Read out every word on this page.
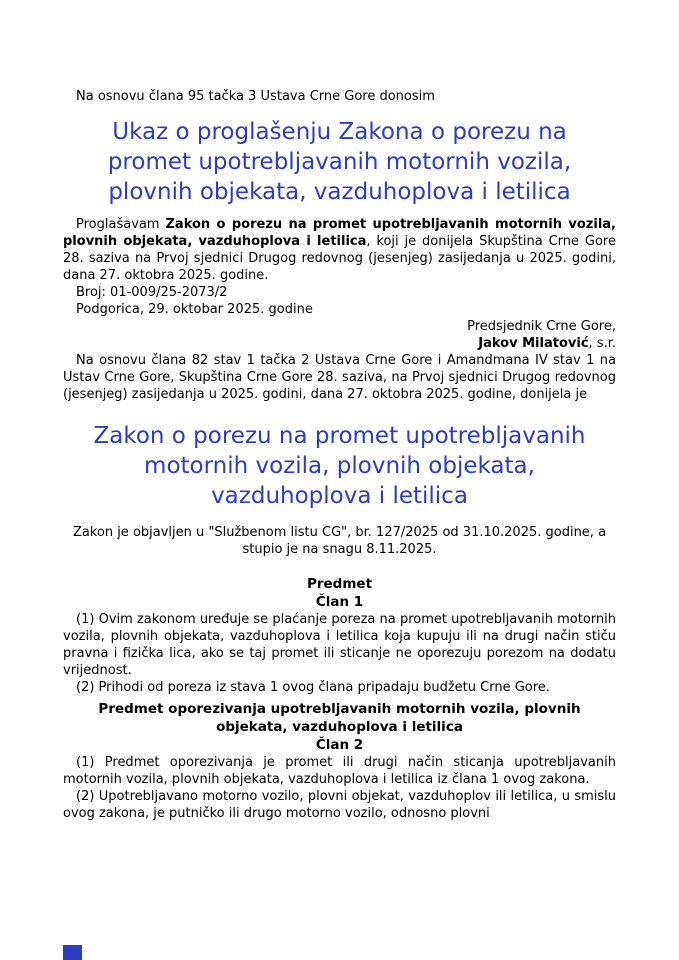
Na osnovu člana 95 tačka 3 Ustava Crne Gore donosim

Ukaz o proglašenju Zakona o porezu na promet upotrebljavanih motornih vozila, plovnih objekata, vazduhoplova i letilica

Proglašavam Zakon o porezu na promet upotrebljavanih motornih vozila, plovnih objekata, vazduhoplova i letilica, koji je donijela Skupština Crne Gore 28. saziva na Prvoj sjednici Drugog redovnog (jesenjeg) zasijedanja u 2025. godini, dana 27. oktobra 2025. godine.

Broj: 01-009/25-2073/2

Podgorica, 29. oktobar 2025. godine

Predsjednik Crne Gore,

Jakov Milatović, s.r.

Na osnovu člana 82 stav 1 tačka 2 Ustava Crne Gore i Amandmana IV stav 1 na Ustav Crne Gore, Skupština Crne Gore 28. saziva, na Prvoj sjednici Drugog redovnog (jesenjeg) zasijedanja u 2025. godini, dana 27. oktobra 2025. godine, donijela je

Zakon o porezu na promet upotrebljavanih motornih vozila, plovnih objekata, vazduhoplova i letilica

Zakon je objavljen u "Službenom listu CG", br. 127/2025 od 31.10.2025. godine, a stupio je na snagu 8.11.2025.

Predmet
Član 1

(1) Ovim zakonom uređuje se plaćanje poreza na promet upotrebljavanih motornih vozila, plovnih objekata, vazduhoplova i letilica koja kupuju ili na drugi način stiču pravna i fizička lica, ako se taj promet ili sticanje ne oporezuju porezom na dodatu vrijednost.

(2) Prihodi od poreza iz stava 1 ovog člana pripadaju budžetu Crne Gore.

Predmet oporezivanja upotrebljavanih motornih vozila, plovnih objekata, vazduhoplova i letilica
Član 2

(1) Predmet oporezivanja je promet ili drugi način sticanja upotrebljavanih motornih vozila, plovnih objekata, vazduhoplova i letilica iz člana 1 ovog zakona.

(2) Upotrebljavano motorno vozilo, plovni objekat, vazduhoplov ili letilica, u smislu ovog zakona, je putničko ili drugo motorno vozilo, odnosno plovni
